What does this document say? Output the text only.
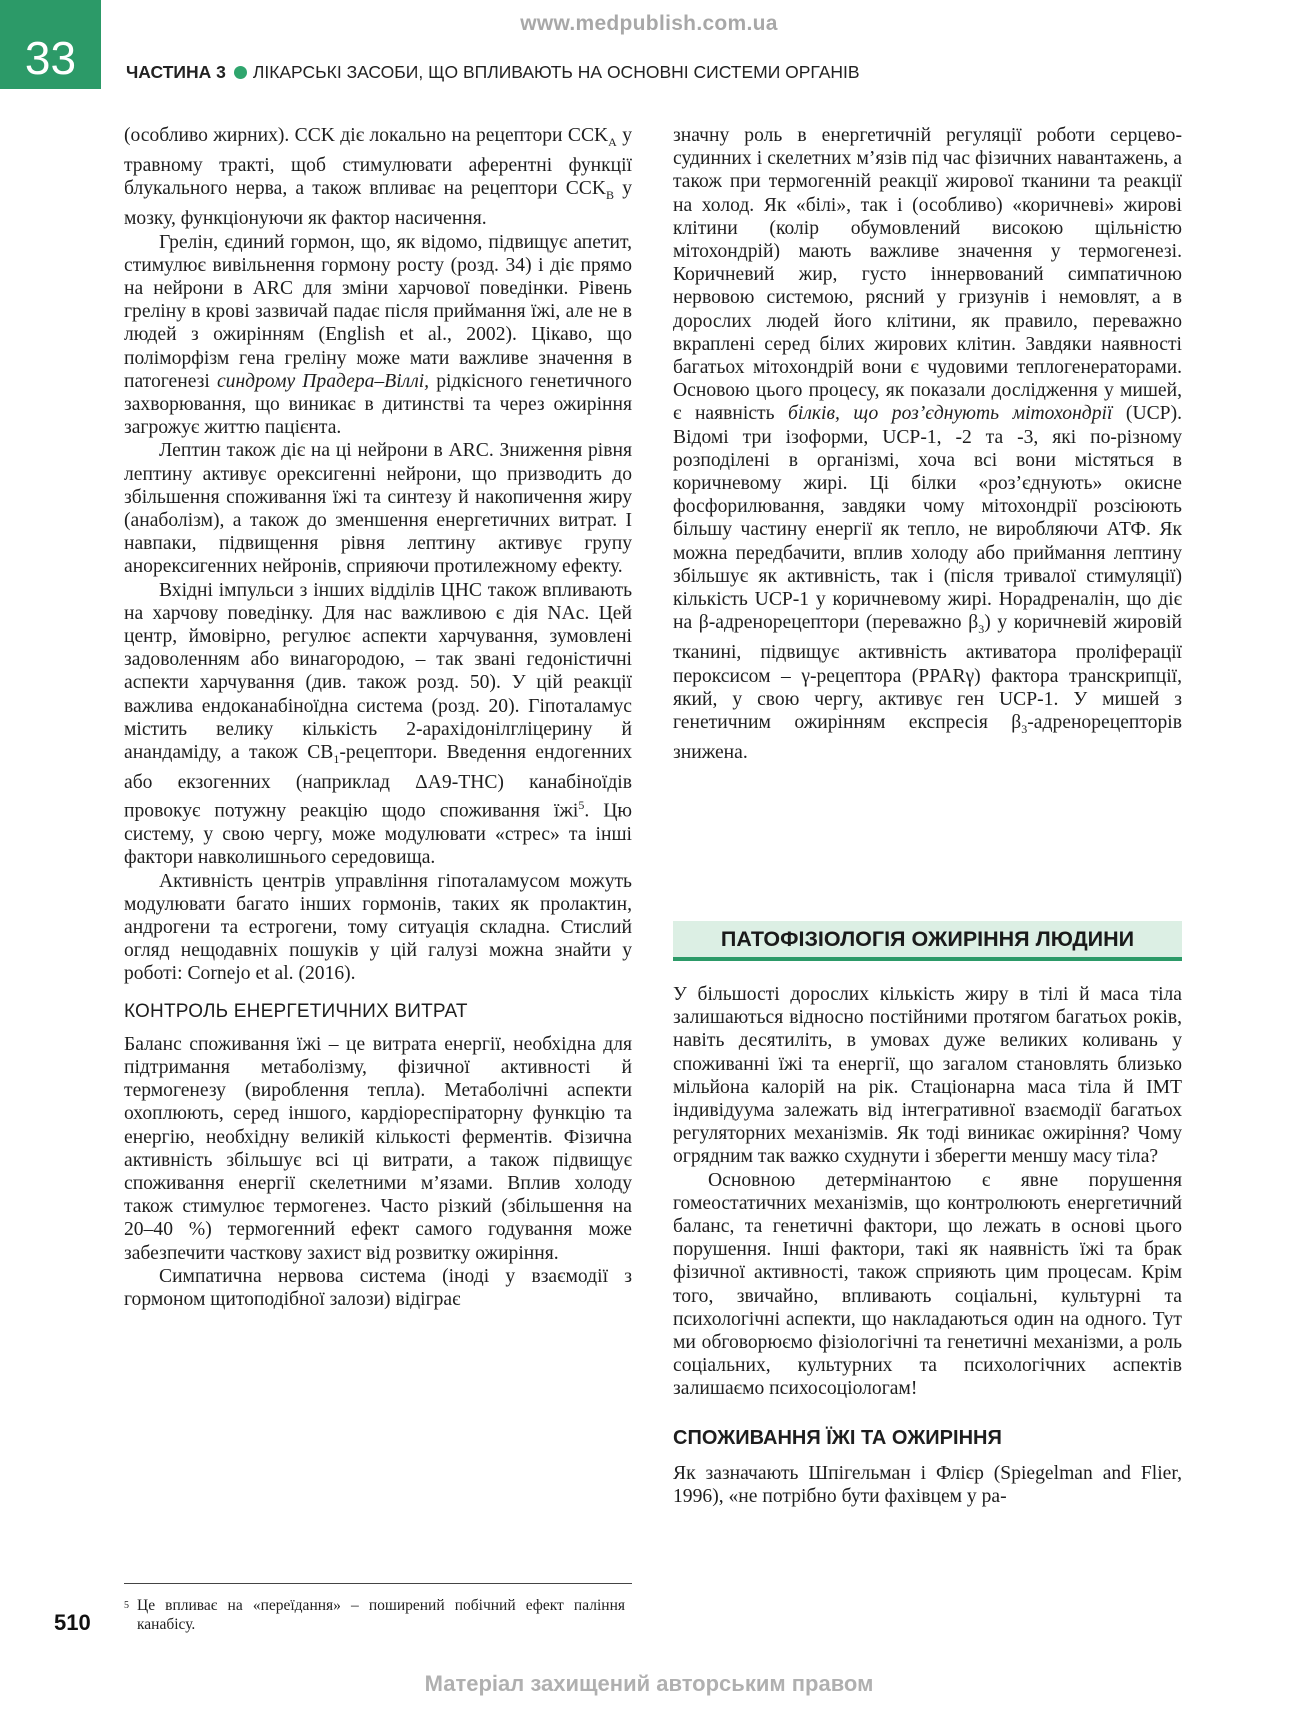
www.medpublish.com.ua
33	ЧАСТИНА 3 ЛІКАРСЬКІ ЗАСОБИ, ЩО ВПЛИВАЮТЬ НА ОСНОВНІ СИСТЕМИ ОРГАНІВ

(особливо жирних). CCK діє локально на рецептори $CCK_A$ у травному тракті, щоб стимулювати аферентні функції блукального нерва, а також впливає на рецептори $CCK_B$ у мозку, функціонуючи як фактор насичення.

Грелін, єдиний гормон, що, як відомо, підвищує апетит, стимулює вивільнення гормону росту (розд. 34) і діє прямо на нейрони в ARC для зміни харчової поведінки. Рівень греліну в крові зазвичай падає після приймання їжі, але не в людей з ожирінням (English et al., 2002). Цікаво, що поліморфізм гена греліну може мати важливе значення в патогенезі синдрому Прадера–Віллі, рідкісного генетичного захворювання, що виникає в дитинстві та через ожиріння загрожує життю пацієнта.

Лептин також діє на ці нейрони в ARC. Зниження рівня лептину активує орексигенні нейрони, що призводить до збільшення споживання їжі та синтезу й накопичення жиру (анаболізм), а також до зменшення енергетичних витрат. І навпаки, підвищення рівня лептину активує групу анорексигенних нейронів, сприяючи протилежному ефекту.

Вхідні імпульси з інших відділів ЦНС також впливають на харчову поведінку. Для нас важливою є дія NAc. Цей центр, ймовірно, регулює аспекти харчування, зумовлені задоволенням або винагородою, – так звані гедоністичні аспекти харчування (див. також розд. 50). У цій реакції важлива ендоканабіноїдна система (розд. 20). Гіпоталамус містить велику кількість 2-арахідонілгліцерину й анандаміду, а також $CB_1$-рецептори. Введення ендогенних або екзогенних (наприклад ΔA9-THC) канабіноїдів провокує потужну реакцію щодо споживання їжі$^5$. Цю систему, у свою чергу, може модулювати «стрес» та інші фактори навколишнього середовища.

Активність центрів управління гіпоталамусом можуть модулювати багато інших гормонів, таких як пролактин, андрогени та естрогени, тому ситуація складна. Стислий огляд нещодавніх пошуків у цій галузі можна знайти у роботі: Cornejo et al. (2016).

КОНТРОЛЬ ЕНЕРГЕТИЧНИХ ВИТРАТ

Баланс споживання їжі – це витрата енергії, необхідна для підтримання метаболізму, фізичної активності й термогенезу (вироблення тепла). Метаболічні аспекти охоплюють, серед іншого, кардіореспіраторну функцію та енергію, необхідну великій кількості ферментів. Фізична активність збільшує всі ці витрати, а також підвищує споживання енергії скелетними м’язами. Вплив холоду також стимулює термогенез. Часто різкий (збільшення на 20–40 %) термогенний ефект самого годування може забезпечити часткову захист від розвитку ожиріння.

Симпатична нервова система (іноді у взаємодії з гормоном щитоподібної залози) відіграє

значну роль в енергетичній регуляції роботи серцево-судинних і скелетних м’язів під час фізичних навантажень, а також при термогенній реакції жирової тканини та реакції на холод. Як «білі», так і (особливо) «коричневі» жирові клітини (колір обумовлений високою щільністю мітохондрій) мають важливе значення у термогенезі. Коричневий жир, густо іннервований симпатичною нервовою системою, рясний у гризунів і немовлят, а в дорослих людей його клітини, як правило, переважно вкраплені серед білих жирових клітин. Завдяки наявності багатьох мітохондрій вони є чудовими теплогенераторами. Основою цього процесу, як показали дослідження у мишей, є наявність білків, що роз’єднують мітохондрії (UCP). Відомі три ізоформи, UCP-1, -2 та -3, які по-різному розподілені в організмі, хоча всі вони містяться в коричневому жирі. Ці білки «роз’єднують» окисне фосфорилювання, завдяки чому мітохондрії розсіюють більшу частину енергії як тепло, не виробляючи АТФ. Як можна передбачити, вплив холоду або приймання лептину збільшує як активність, так і (після тривалої стимуляції) кількість UCP-1 у коричневому жирі. Норадреналін, що діє на β-адренорецептори (переважно $\beta_3$) у коричневій жировій тканині, підвищує активність активатора проліферації пероксисом – γ-рецептора (PPARγ) фактора транскрипції, який, у свою чергу, активує ген UCP-1. У мишей з генетичним ожирінням експресія $\beta_3$-адренорецепторів знижена.

ПАТОФІЗІОЛОГІЯ ОЖИРІННЯ ЛЮДИНИ

У більшості дорослих кількість жиру в тілі й маса тіла залишаються відносно постійними протягом багатьох років, навіть десятиліть, в умовах дуже великих коливань у споживанні їжі та енергії, що загалом становлять близько мільйона калорій на рік. Стаціонарна маса тіла й ІМТ індивідуума залежать від інтегративної взаємодії багатьох регуляторних механізмів. Як тоді виникає ожиріння? Чому огрядним так важко схуднути і зберегти меншу масу тіла?

Основною детермінантою є явне порушення гомеостатичних механізмів, що контролюють енергетичний баланс, та генетичні фактори, що лежать в основі цього порушення. Інші фактори, такі як наявність їжі та брак фізичної активності, також сприяють цим процесам. Крім того, звичайно, впливають соціальні, культурні та психологічні аспекти, що накладаються один на одного. Тут ми обговорюємо фізіологічні та генетичні механізми, а роль соціальних, культурних та психологічних аспектів залишаємо психосоціологам!

СПОЖИВАННЯ ЇЖІ ТА ОЖИРІННЯ

Як зазначають Шпігельман і Флієр (Spiegelman and Flier, 1996), «не потрібно бути фахівцем у ра-

$^5$ Це впливає на «переїдання» – поширений побічний ефект паління канабісу.
510
Матеріал захищений авторським правом
